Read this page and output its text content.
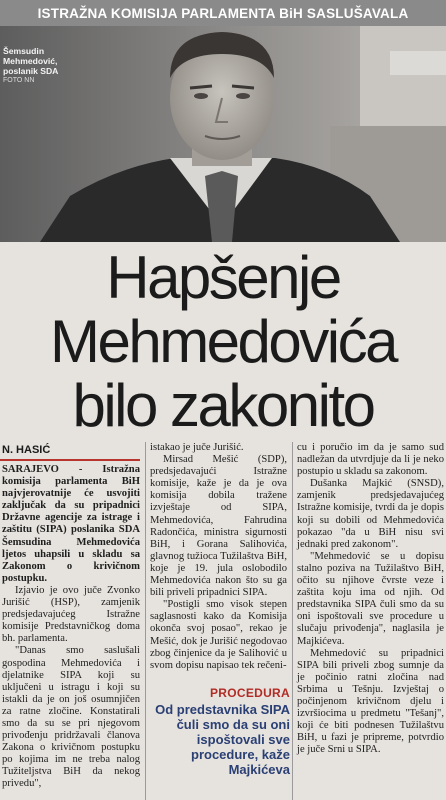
ISTRAŽNA KOMISIJA PARLAMENTA BiH SASLUŠAVALA
Šemsudin
Mehmedović,
poslanik SDA
FOTO NN
Hapšenje
Mehmedovića
bilo zakonito
N. HASIĆ

SARAJEVO - Istražna komisija parlamenta BiH najvjerovatnije će usvojiti zaključak da su pripadnici Državne agencije za istrage i zaštitu (SIPA) poslanika SDA Šemsudina Mehmedovića ljetos uhapsili u skladu sa Zakonom o krivičnom postupku.

Izjavio je ovo juče Zvonko Jurišić (HSP), zamjenik predsjedavajućeg Istražne komisije Predstavničkog doma bh. parlamenta.

"Danas smo saslušali gospodina Mehmedovića i djelatnike SIPA koji su uključeni u istragu i koji su istakli da je on još osumnjičen za ratne zločine. Konstatirali smo da su se pri njegovom privođenju pridržavali članova Zakona o krivičnom postupku po kojima im ne treba nalog Tužiteljstva BiH da nekog privedu",

istakao je juče Jurišić.

Mirsad Mešić (SDP), predsjedavajući Istražne komisije, kaže je da je ova komisija dobila tražene izvještaje od SIPA, Mehmedovića, Fahrudina Radončića, ministra sigurnosti BiH, i Gorana Salihovića, glavnog tužioca Tužilaštva BiH, koje je 19. jula oslobodilo Mehmedovića nakon što su ga bili priveli pripadnici SIPA.

"Postigli smo visok stepen saglasnosti kako da Komisija okonča svoj posao", rekao je Mešić, dok je Jurišić negodovao zbog činjenice da je Salihović u svom dopisu napisao tek rečeni-

cu i poručio im da je samo sud nadležan da utvrdjuje da li je neko postupio u skladu sa zakonom.

Dušanka Majkić (SNSD), zamjenik predsjedavajućeg Istražne komisije, tvrdi da je dopis koji su dobili od Mehmedovića pokazao "da u BiH nisu svi jednaki pred zakonom".

"Mehmedović se u dopisu stalno poziva na Tužilaštvo BiH, očito su njihove čvrste veze i zaštita koju ima od njih. Od predstavnika SIPA čuli smo da su oni ispoštovali sve procedure u slučaju privođenja", naglasila je Majkićeva.

Mehmedović su pripadnici SIPA bili priveli zbog sumnje da je počinio ratni zločina nad Srbima u Tešnju. Izvještaj o počinjenom krivičnom djelu i izvršiocima u predmetu "Tešanj", koji će biti podnesen Tužilaštvu BiH, u fazi je pripreme, potvrdio je juče Srni u SIPA.

PROCEDURA
Od predstavnika SIPA čuli smo da su oni ispoštovali sve procedure, kaže Majkićeva
